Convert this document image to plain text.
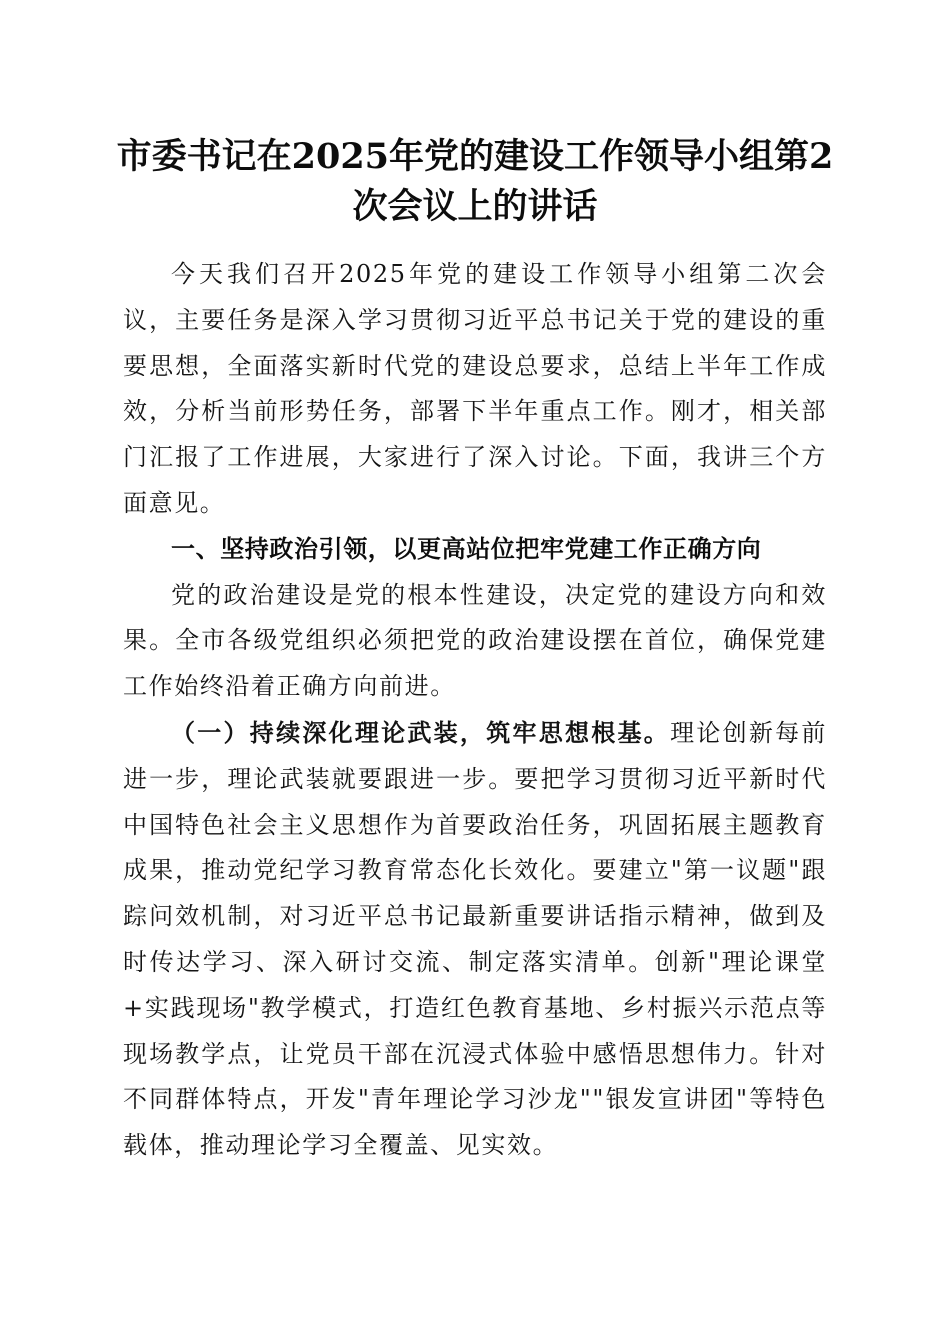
市委书记在2025年党的建设工作领导小组第2次会议上的讲话

今天我们召开2025年党的建设工作领导小组第二次会议，主要任务是深入学习贯彻习近平总书记关于党的建设的重要思想，全面落实新时代党的建设总要求，总结上半年工作成效，分析当前形势任务，部署下半年重点工作。刚才，相关部门汇报了工作进展，大家进行了深入讨论。下面，我讲三个方面意见。

一、坚持政治引领，以更高站位把牢党建工作正确方向

党的政治建设是党的根本性建设，决定党的建设方向和效果。全市各级党组织必须把党的政治建设摆在首位，确保党建工作始终沿着正确方向前进。

（一）持续深化理论武装，筑牢思想根基。理论创新每前进一步，理论武装就要跟进一步。要把学习贯彻习近平新时代中国特色社会主义思想作为首要政治任务，巩固拓展主题教育成果，推动党纪学习教育常态化长效化。要建立"第一议题"跟踪问效机制，对习近平总书记最新重要讲话指示精神，做到及时传达学习、深入研讨交流、制定落实清单。创新"理论课堂+实践现场"教学模式，打造红色教育基地、乡村振兴示范点等现场教学点，让党员干部在沉浸式体验中感悟思想伟力。针对不同群体特点，开发"青年理论学习沙龙""银发宣讲团"等特色载体，推动理论学习全覆盖、见实效。
